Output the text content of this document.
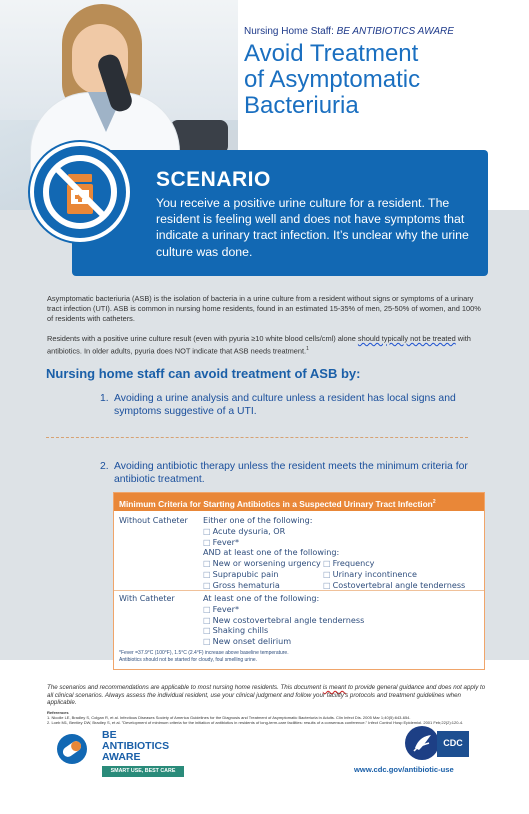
Nursing Home Staff: BE ANTIBIOTICS AWARE
Avoid Treatment
of Asymptomatic
Bacteriuria
SCENARIO
You receive a positive urine culture for a resident. The resident is feeling well and does not have symptoms that indicate a urinary tract infection. It’s unclear why the urine culture was done.
Asymptomatic bacteriuria (ASB) is the isolation of bacteria in a urine culture from a resident without signs or symptoms of a urinary tract infection (UTI). ASB is common in nursing home residents, found in an estimated 15-35% of men, 25-50% of women, and 100% of residents with catheters.
Residents with a positive urine culture result (even with pyuria ≥10 white blood cells/cml) alone should typically not be treated with antibiotics. In older adults, pyuria does NOT indicate that ASB needs treatment.$^1$
Nursing home staff can avoid treatment of ASB by:
1. Avoiding a urine analysis and culture unless a resident has local signs and symptoms suggestive of a UTI.
2. Avoiding antibiotic therapy unless the resident meets the minimum criteria for antibiotic treatment.
Minimum Criteria for Starting Antibiotics in a Suspected Urinary Tract Infection$^2$
Without Catheter Either one of the following:
□ Acute dysuria, OR
□ Fever*
AND at least one of the following:
□ New or worsening urgency □ Frequency
□ Suprapubic pain	□ Urinary incontinence
□ Gross hematuria	□ Costovertebral angle tenderness
With Catheter	At least one of the following:
□ Fever*
□ New costovertebral angle tenderness
□ Shaking chills
□ New onset delirium
*Fever =37.9°C (100°F), 1.5°C (2.4°F) increase above baseline temperature.
Antibiotics should not be started for cloudy, foul smelling urine.
The scenarios and recommendations are applicable to most nursing home residents. This document is meant to provide general guidance and does not apply to all clinical scenarios. Always assess the individual resident, use your clinical judgment and follow your facility's protocols and treatment guidelines when applicable.
References
1. Nicolle LE, Bradley S, Colgan R, et al. Infectious Diseases Society of America Guidelines for the Diagnosis and Treatment of Asymptomatic Bacteriuria in Adults. Clin Infect Dis. 2005 Mar 1;40(5):643-654.
2. Loeb M1, Bentley DW, Bradley S, et al. "Development of minimum criteria for the initiation of antibiotics in residents of long-term-care facilities: results of a consensus conference." Infect Control Hosp Epidemiol. 2001 Feb;22(2):120-4.
BE
ANTIBIOTICS
AWARE
SMART USE, BEST CARE
CDC
www.cdc.gov/antibiotic-use
